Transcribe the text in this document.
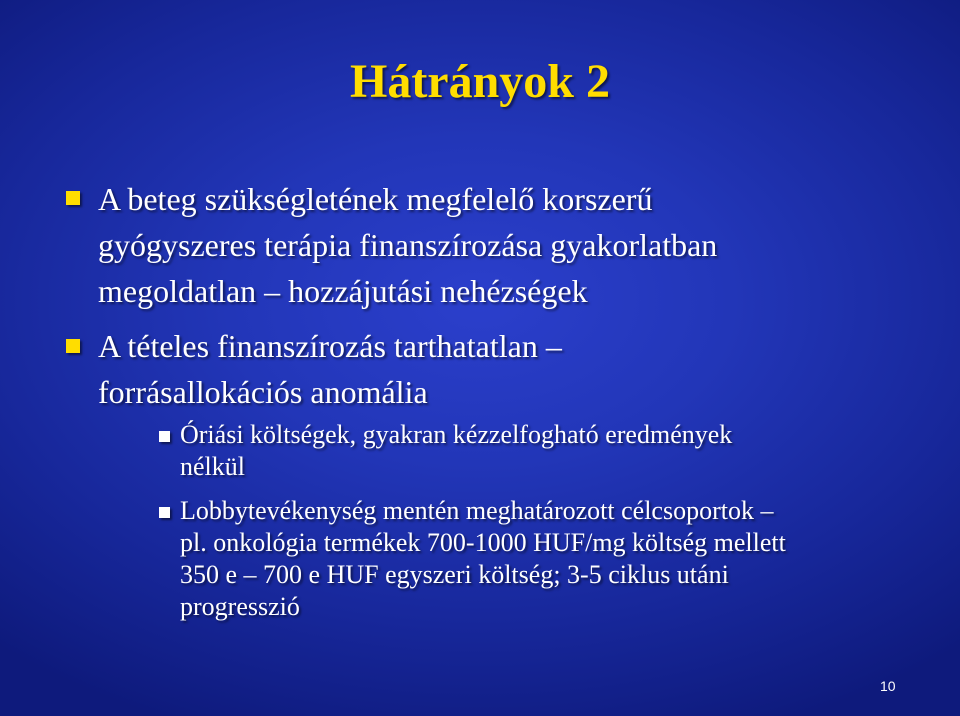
Hátrányok 2
A beteg szükségletének megfelelő korszerű
gyógyszeres terápia finanszírozása gyakorlatban
megoldatlan – hozzájutási nehézségek
A tételes finanszírozás tarthatatlan –
forrásallokációs anomália
Óriási költségek, gyakran kézzelfogható eredmények
nélkül
Lobbytevékenység mentén meghatározott célcsoportok –
pl. onkológia termékek 700-1000 HUF/mg költség mellett
350 e – 700 e HUF egyszeri költség; 3-5 ciklus utáni
progresszió
10
